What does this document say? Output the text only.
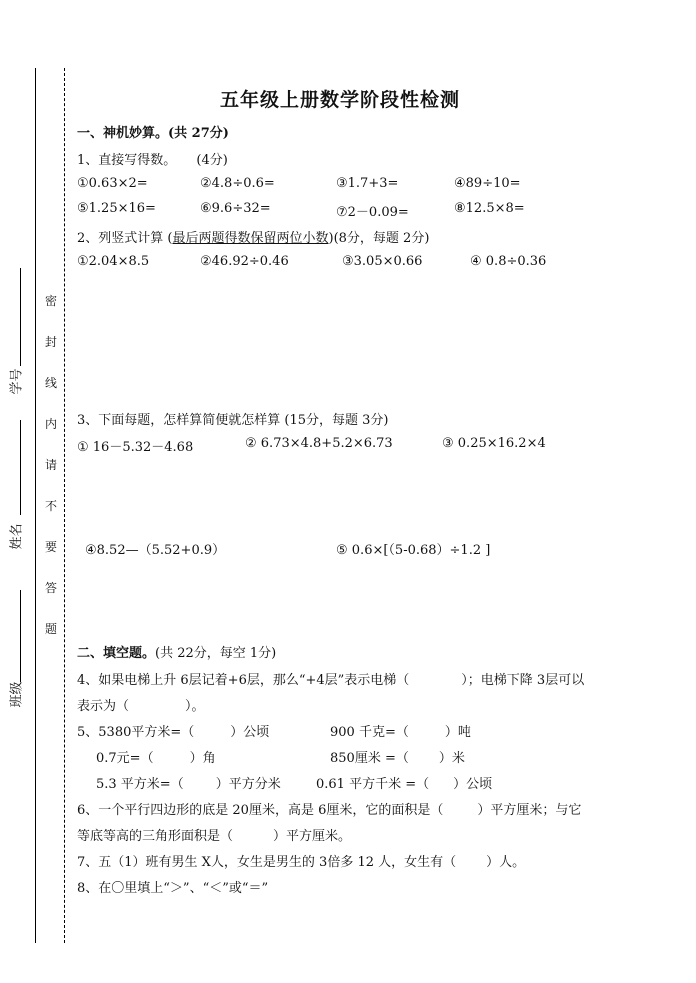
密
封
线
内
请
不
要
答
题
学号
姓名
班级
五年级上册数学阶段性检测
一、神机妙算。(共 27分)
1、直接写得数。 (4分)
①0.63×2=	②4.8÷0.6=	③1.7+3=	④89÷10=
⑤1.25×16=	⑥9.6÷32=	⑦2－0.09=	⑧12.5×8=
2、列竖式计算 (最后两题得数保留两位小数)(8分，每题 2分)
①2.04×8.5	②46.92÷0.46	③3.05×0.66	④ 0.8÷0.36
3、下面每题，怎样算简便就怎样算 (15分，每题 3分)
① 16－5.32－4.68	② 6.73×4.8+5.2×6.73	③ 0.25×16.2×4
④8.52—（5.52+0.9）	⑤ 0.6×[（5-0.68）÷1.2 ]
二、填空题。(共 22分，每空 1分)
4、如果电梯上升 6层记着+6层，那么“+4层”表示电梯（	）；电梯下降 3层可以
表示为（	）。
5、5380平方米=（	）公顷	900 千克=（	）吨
0.7元=（	）角	850厘米 =（ ）米
5.3 平方米=（ ）平方分米	0.61 平方千米 =（ ）公顷
6、一个平行四边形的底是 20厘米，高是 6厘米，它的面积是（	）平方厘米；与它
等底等高的三角形面积是（	）平方厘米。
7、五（1）班有男生 X人，女生是男生的 3倍多 12 人，女生有（ ）人。
8、在〇里填上“＞”、“＜”或“＝”
